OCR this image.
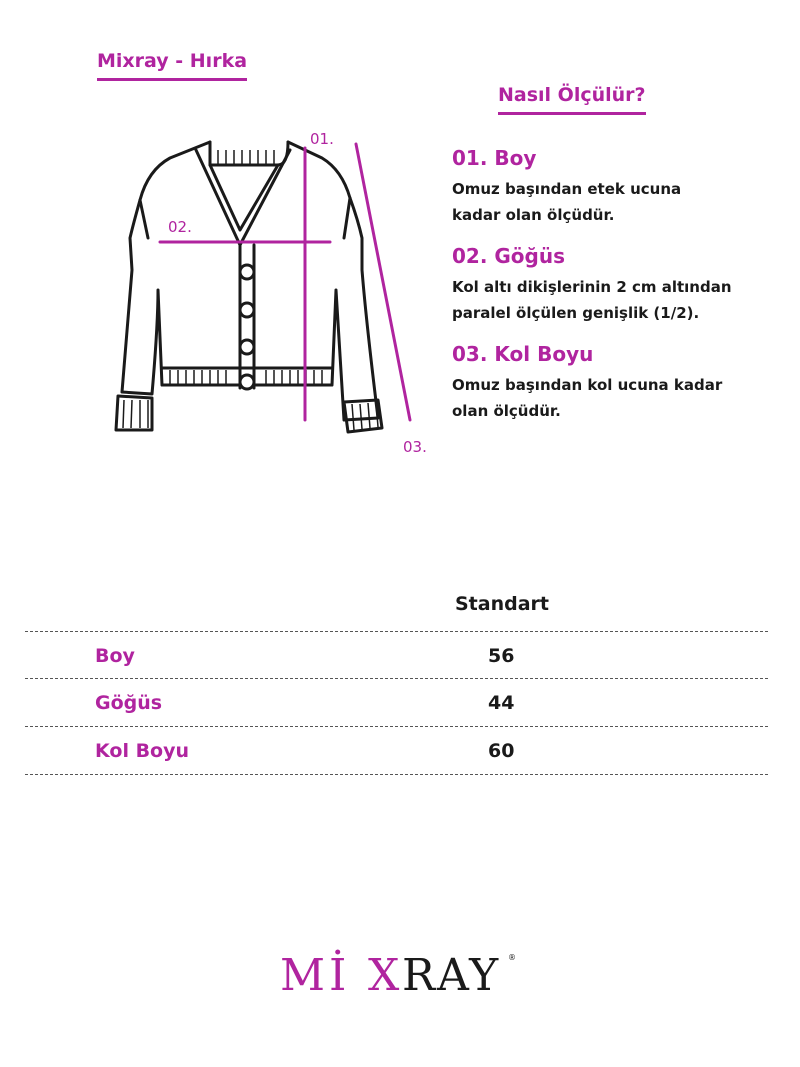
Mixray - Hırka
Nasıl Ölçülür?
01.
02.
03.
01. Boy

Omuz başından etek ucuna

kadar olan ölçüdür.

02. Göğüs

Kol altı dikişlerinin 2 cm altından

paralel ölçülen genişlik (1/2).

03. Kol Boyu

Omuz başından kol ucuna kadar

olan ölçüdür.

Standart
Boy	56
Göğüs	44
Kol Boyu	60
Mİ X RAY ®
